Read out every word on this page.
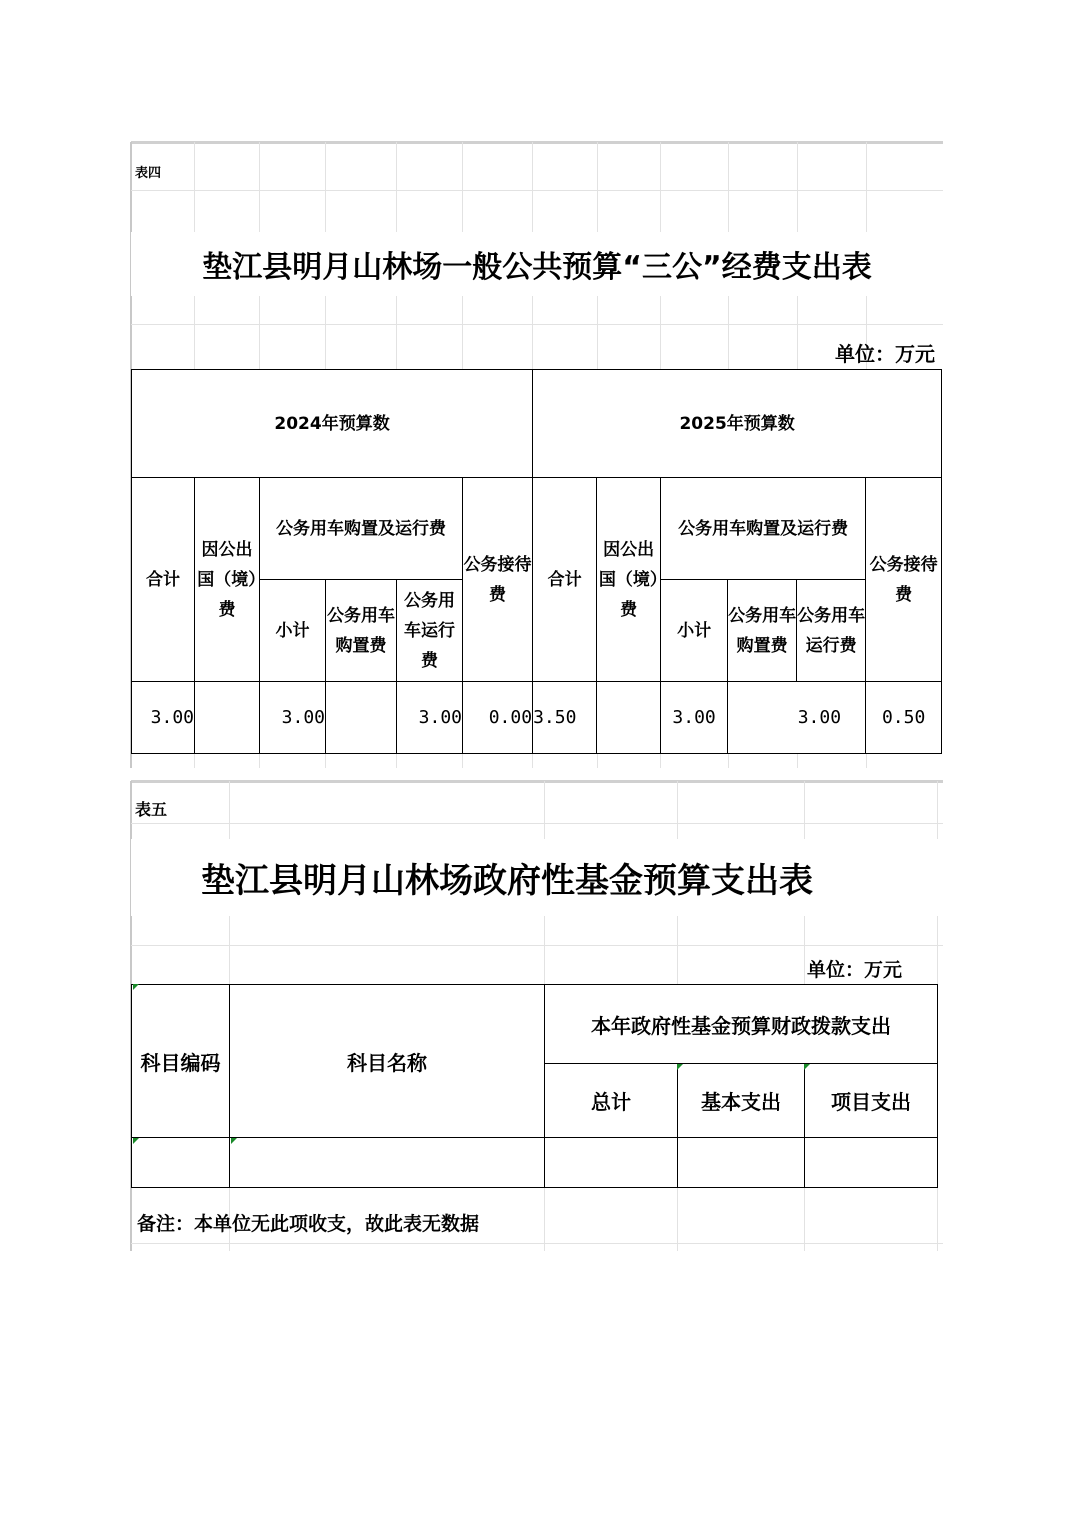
表四
垫江县明月山林场一般公共预算“三公”经费支出表
单位：万元
2024年预算数						2025年预算数					
合计	因公出国（境）费	公务用车购置及运行费			公务接待费	合计	因公出国（境）费	公务用车购置及运行费			公务接待费
		小计	公务用车购置费	公务用车运行费				小计	公务用车购置费	公务用车运行费	
3.00		3.00		3.00	0.00	3.50		3.00	3.00		0.50
表五
垫江县明月山林场政府性基金预算支出表
单位：万元
科目编码	科目名称	本年政府性基金预算财政拨款支出		
		总计	基本支出	项目支出

备注：本单位无此项收支，故此表无数据
